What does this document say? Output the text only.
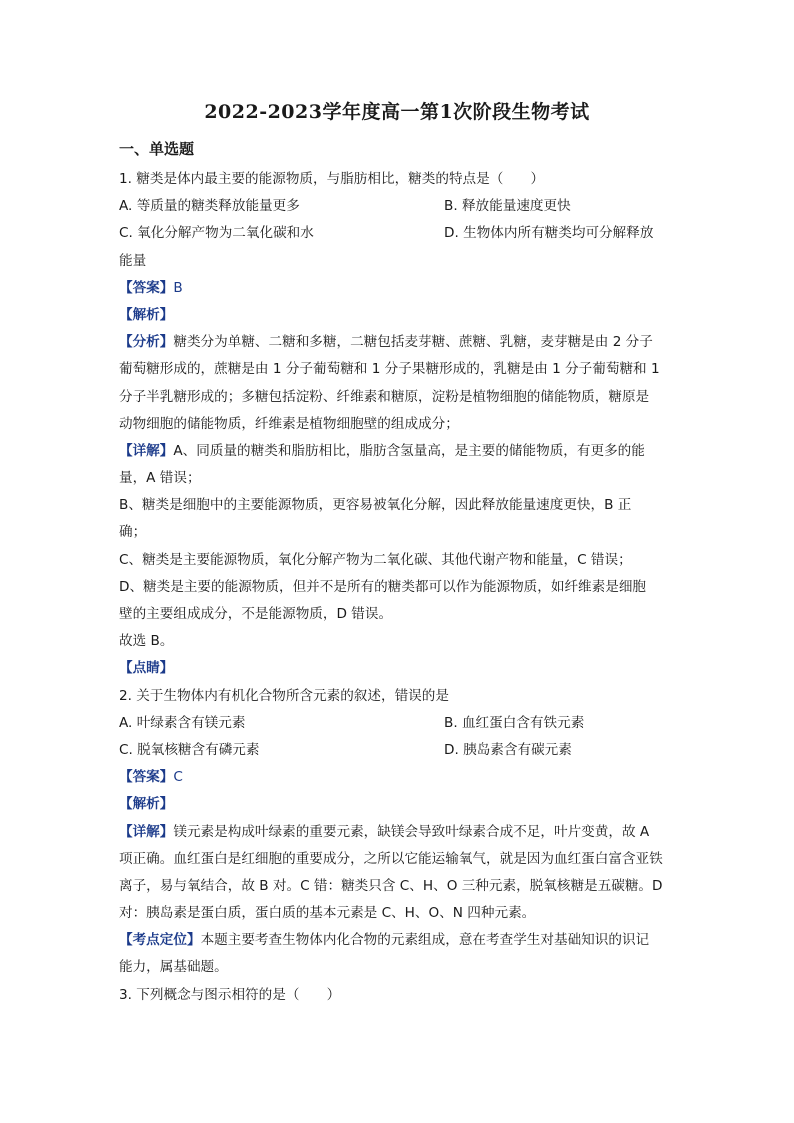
2022-2023学年度高一第1次阶段生物考试
一、单选题
1. 糖类是体内最主要的能源物质，与脂肪相比，糖类的特点是（　　）
A. 等质量的糖类释放能量更多	B. 释放能量速度更快
C. 氧化分解产物为二氧化碳和水	D. 生物体内所有糖类均可分解释放
能量
【答案】B
【解析】
【分析】糖类分为单糖、二糖和多糖，二糖包括麦芽糖、蔗糖、乳糖，麦芽糖是由 2 分子
葡萄糖形成的，蔗糖是由 1 分子葡萄糖和 1 分子果糖形成的，乳糖是由 1 分子葡萄糖和 1
分子半乳糖形成的；多糖包括淀粉、纤维素和糖原，淀粉是植物细胞的储能物质，糖原是
动物细胞的储能物质，纤维素是植物细胞壁的组成成分；
【详解】A、同质量的糖类和脂肪相比，脂肪含氢量高，是主要的储能物质，有更多的能
量，A 错误；
B、糖类是细胞中的主要能源物质，更容易被氧化分解，因此释放能量速度更快，B 正
确；
C、糖类是主要能源物质，氧化分解产物为二氧化碳、其他代谢产物和能量，C 错误；
D、糖类是主要的能源物质，但并不是所有的糖类都可以作为能源物质，如纤维素是细胞
壁的主要组成成分，不是能源物质，D 错误。
故选 B。
【点睛】
2. 关于生物体内有机化合物所含元素的叙述，错误的是
A. 叶绿素含有镁元素	B. 血红蛋白含有铁元素
C. 脱氧核糖含有磷元素	D. 胰岛素含有碳元素
【答案】C
【解析】
【详解】镁元素是构成叶绿素的重要元素，缺镁会导致叶绿素合成不足，叶片变黄，故 A
项正确。血红蛋白是红细胞的重要成分，之所以它能运输氧气，就是因为血红蛋白富含亚铁
离子，易与氧结合，故 B 对。C 错：糖类只含 C、H、O 三种元素，脱氧核糖是五碳糖。D
对：胰岛素是蛋白质，蛋白质的基本元素是 C、H、O、N 四种元素。
【考点定位】本题主要考查生物体内化合物的元素组成，意在考查学生对基础知识的识记
能力，属基础题。
3. 下列概念与图示相符的是（　　）
